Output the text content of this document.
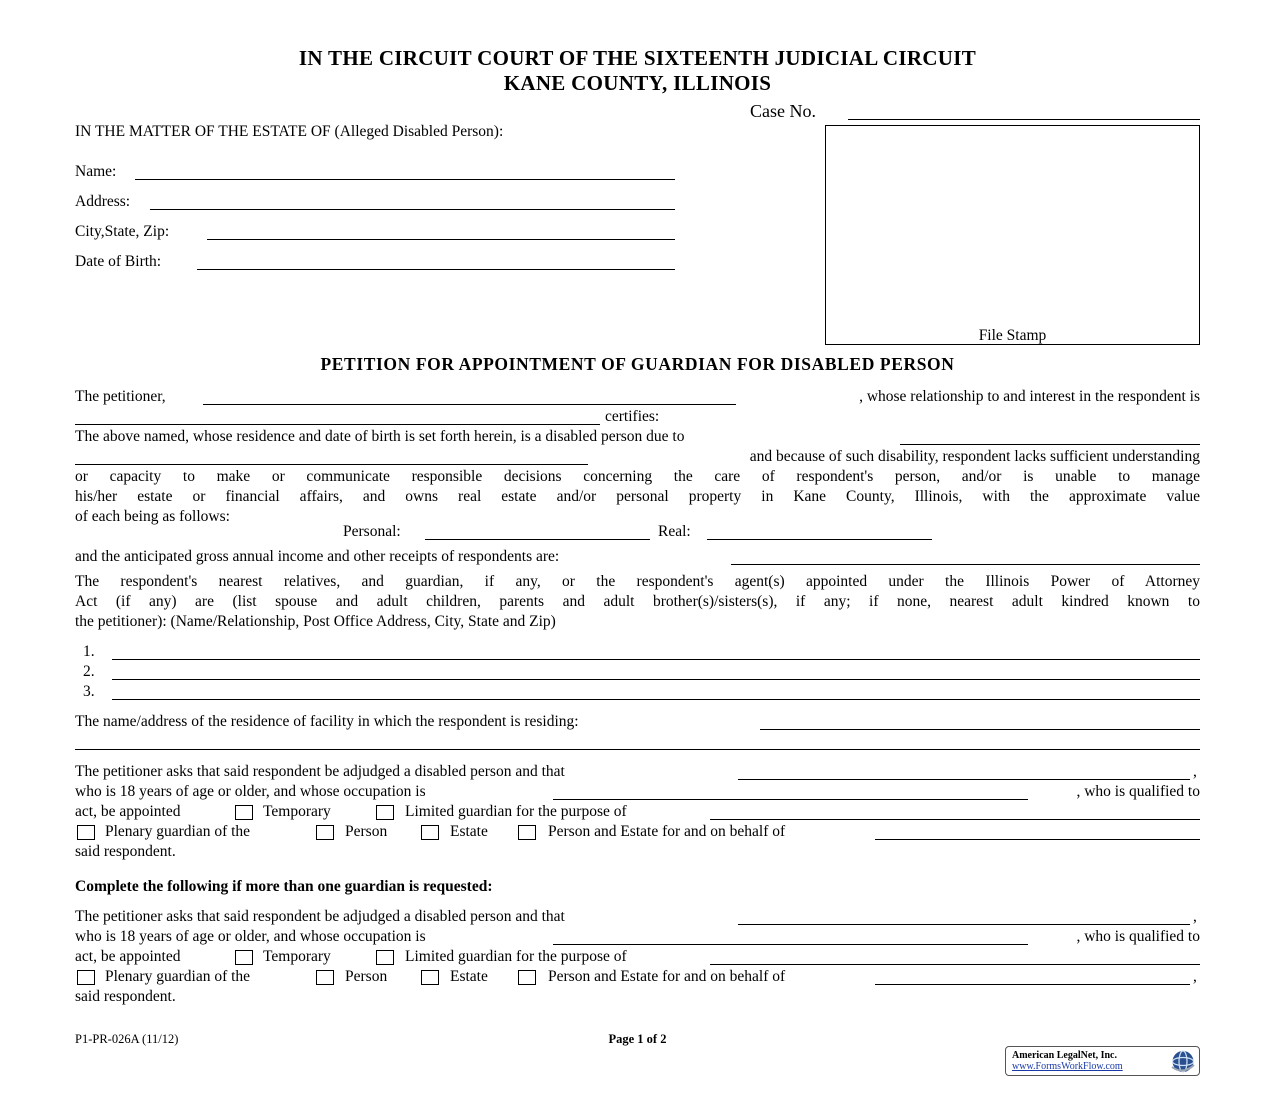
IN THE CIRCUIT COURT OF THE SIXTEENTH JUDICIAL CIRCUIT
KANE COUNTY, ILLINOIS
Case No.
IN THE MATTER OF THE ESTATE OF (Alleged Disabled Person):
Name:
Address:
City,State, Zip:
Date of Birth:
File Stamp
PETITION FOR APPOINTMENT OF GUARDIAN FOR DISABLED PERSON
The petitioner,	, whose relationship to and interest in the respondent is
certifies:
The above named, whose residence and date of birth is set forth herein, is a disabled person due to
and because of such disability, respondent lacks sufficient understanding
or capacity to make or communicate responsible decisions concerning the care of respondent's person, and/or is unable to manage
his/her estate or financial affairs, and owns real estate and/or personal property in Kane County, Illinois, with the approximate value
of each being as follows:
Personal:	Real:
and the anticipated gross annual income and other receipts of respondents are:
The respondent's nearest relatives, and guardian, if any, or the respondent's agent(s) appointed under the Illinois Power of Attorney
Act (if any) are (list spouse and adult children, parents and adult brother(s)/sisters(s), if any; if none, nearest adult kindred known to
the petitioner): (Name/Relationship, Post Office Address, City, State and Zip)
1.
2.
3.
The name/address of the residence of facility in which the respondent is residing:
The petitioner asks that said respondent be adjudged a disabled person and that	,
who is 18 years of age or older, and whose occupation is	, who is qualified to
act, be appointed	Temporary	Limited guardian for the purpose of
Plenary guardian of the	Person	Estate	Person and Estate for and on behalf of
said respondent.
Complete the following if more than one guardian is requested:
The petitioner asks that said respondent be adjudged a disabled person and that	,
who is 18 years of age or older, and whose occupation is	, who is qualified to
act, be appointed	Temporary	Limited guardian for the purpose of
Plenary guardian of the	Person	Estate	Person and Estate for and on behalf of	,
said respondent.
P1-PR-026A (11/12)	Page 1 of 2
American LegalNet, Inc.
www.FormsWorkFlow.com
